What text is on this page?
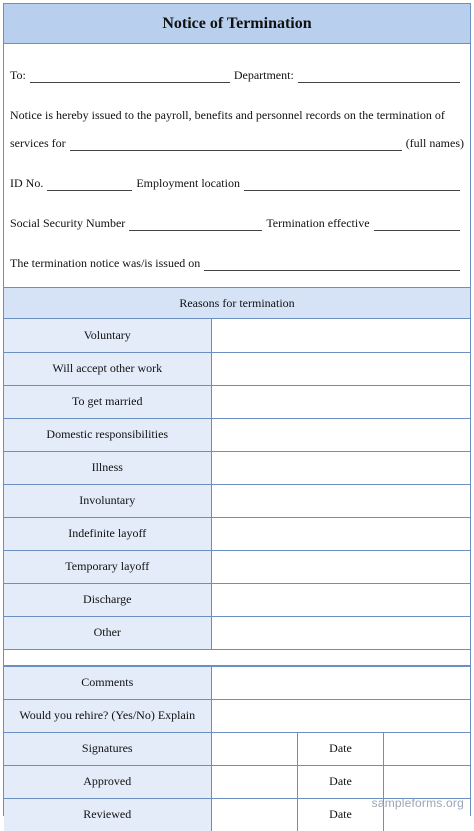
Notice of Termination
To:	Department:
Notice is hereby issued to the payroll, benefits and personnel records on the termination of
services for	(full names)
ID No.	Employment location
Social Security Number	Termination effective
The termination notice was/is issued on
Reasons for termination
Voluntary	
Will accept other work	
To get married	
Domestic responsibilities	
Illness	
Involuntary	
Indefinite layoff	
Temporary layoff	
Discharge	
Other	
Comments			
Would you rehire? (Yes/No) Explain			
Signatures		Date	
Approved		Date	
Reviewed		Date	
sampleforms.org
